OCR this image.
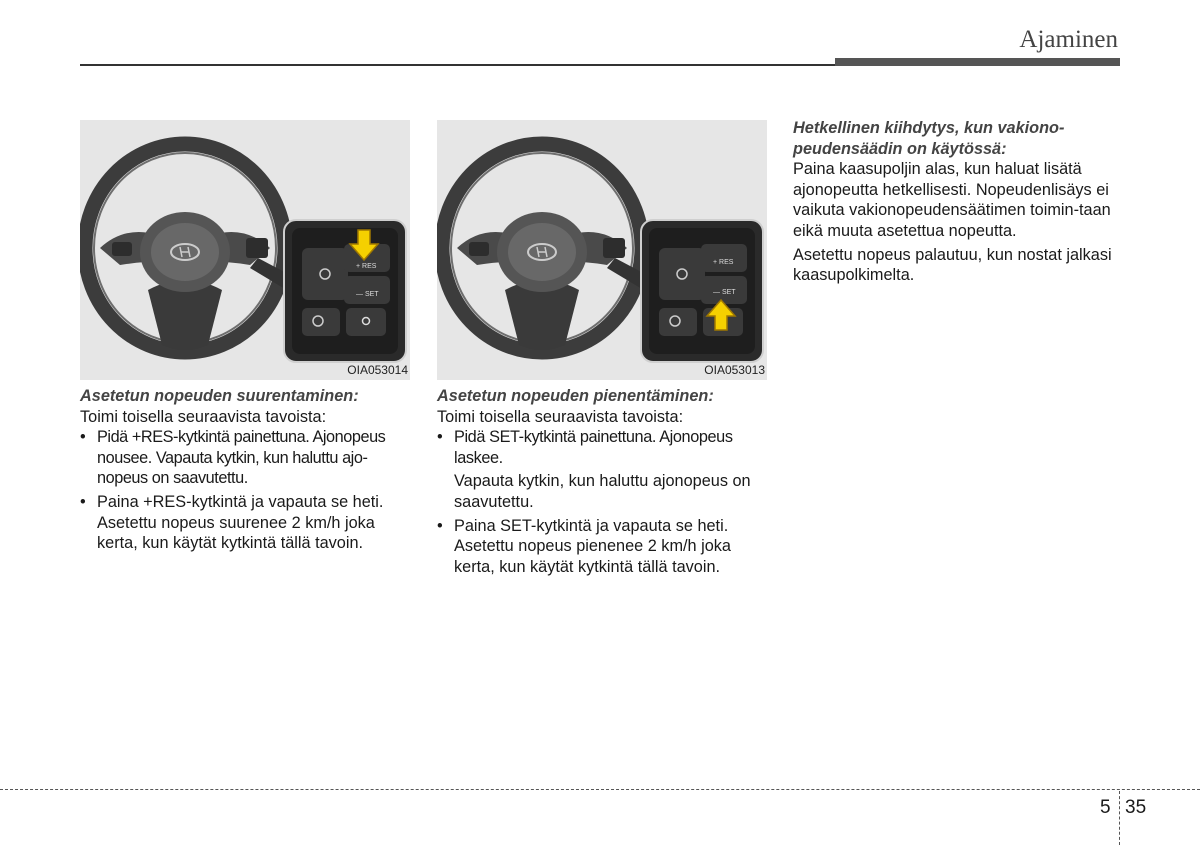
Ajaminen
+ RES
— SET
OIA053014
+ RES
— SET
OIA053013
Asetetun nopeuden suurentaminen:

Toimi toisella seuraavista tavoista:

• Pidä +RES-kytkintä painettuna. Ajonopeus nousee. Vapauta kytkin, kun haluttu ajo-nopeus on saavutettu.
• Paina +RES-kytkintä ja vapauta se heti. Asetettu nopeus suurenee 2 km/h joka kerta, kun käytät kytkintä tällä tavoin.
Asetetun nopeuden pienentäminen:

Toimi toisella seuraavista tavoista:

• Pidä SET-kytkintä painettuna. Ajonopeus laskee.

Vapauta kytkin, kun haluttu ajonopeus on saavutettu.

• Paina SET-kytkintä ja vapauta se heti. Asetettu nopeus pienenee 2 km/h joka kerta, kun käytät kytkintä tällä tavoin.
Hetkellinen kiihdytys, kun vakiono-peudensäädin on käytössä:

Paina kaasupoljin alas, kun haluat lisätä ajonopeutta hetkellisesti. Nopeudenlisäys ei vaikuta vakionopeudensäätimen toimin-taan eikä muuta asetettua nopeutta.

Asetettu nopeus palautuu, kun nostat jalkasi kaasupolkimelta.

5 35
